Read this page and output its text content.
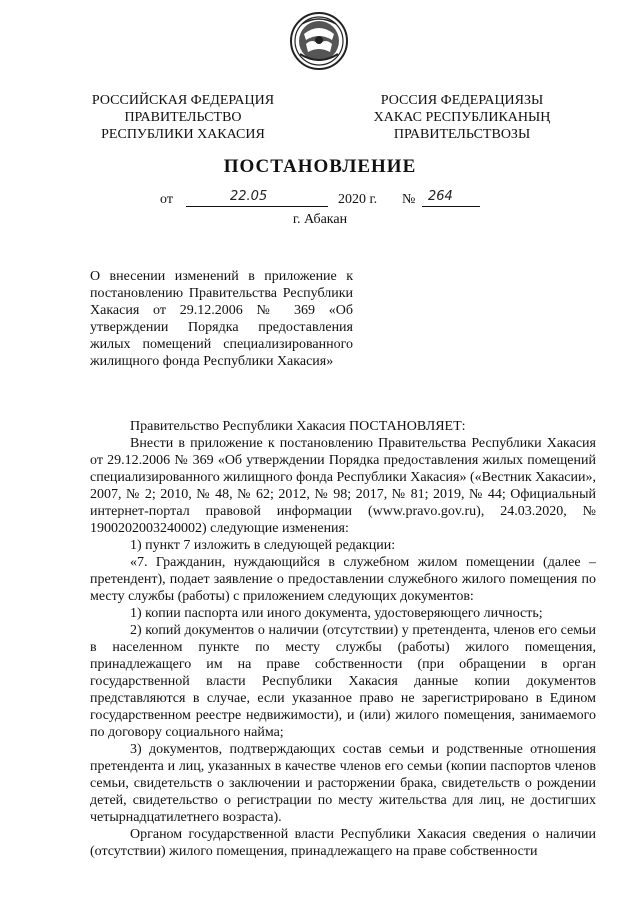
РОССИЙСКАЯ ФЕДЕРАЦИЯ
ПРАВИТЕЛЬСТВО
РЕСПУБЛИКИ ХАКАСИЯ
РОССИЯ ФЕДЕРАЦИЯЗЫ
ХАКАС РЕСПУБЛИКАНЫҢ
ПРАВИТЕЛЬСТВОЗЫ
ПОСТАНОВЛЕНИЕ
от	22.05	2020 г. № 264
г. Абакан
О внесении изменений в приложение к постановлению Правительства Республики Хакасия от 29.12.2006 № 369 «Об утверждении Порядка предоставления жилых помещений специализированного жилищного фонда Республики Хакасия»

Правительство Республики Хакасия ПОСТАНОВЛЯЕТ:

Внести в приложение к постановлению Правительства Республики Хакасия от 29.12.2006 № 369 «Об утверждении Порядка предоставления жилых помещений специализированного жилищного фонда Республики Хакасия» («Вестник Хакасии», 2007, № 2; 2010, № 48, № 62; 2012, № 98; 2017, № 81; 2019, № 44; Официальный интернет-портал правовой информации (www.pravo.gov.ru), 24.03.2020, № 1900202003240002) следующие изменения:

1) пункт 7 изложить в следующей редакции:

«7. Гражданин, нуждающийся в служебном жилом помещении (далее – претендент), подает заявление о предоставлении служебного жилого помещения по месту службы (работы) с приложением следующих документов:

1) копии паспорта или иного документа, удостоверяющего личность;

2) копий документов о наличии (отсутствии) у претендента, членов его семьи в населенном пункте по месту службы (работы) жилого помещения, принадлежащего им на праве собственности (при обращении в орган государственной власти Республики Хакасия данные копии документов представляются в случае, если указанное право не зарегистрировано в Едином государственном реестре недвижимости), и (или) жилого помещения, занимаемого по договору социального найма;

3) документов, подтверждающих состав семьи и родственные отношения претендента и лиц, указанных в качестве членов его семьи (копии паспортов членов семьи, свидетельств о заключении и расторжении брака, свидетельств о рождении детей, свидетельство о регистрации по месту жительства для лиц, не достигших четырнадцатилетнего возраста).

Органом государственной власти Республики Хакасия сведения о наличии (отсутствии) жилого помещения, принадлежащего на праве собственности
